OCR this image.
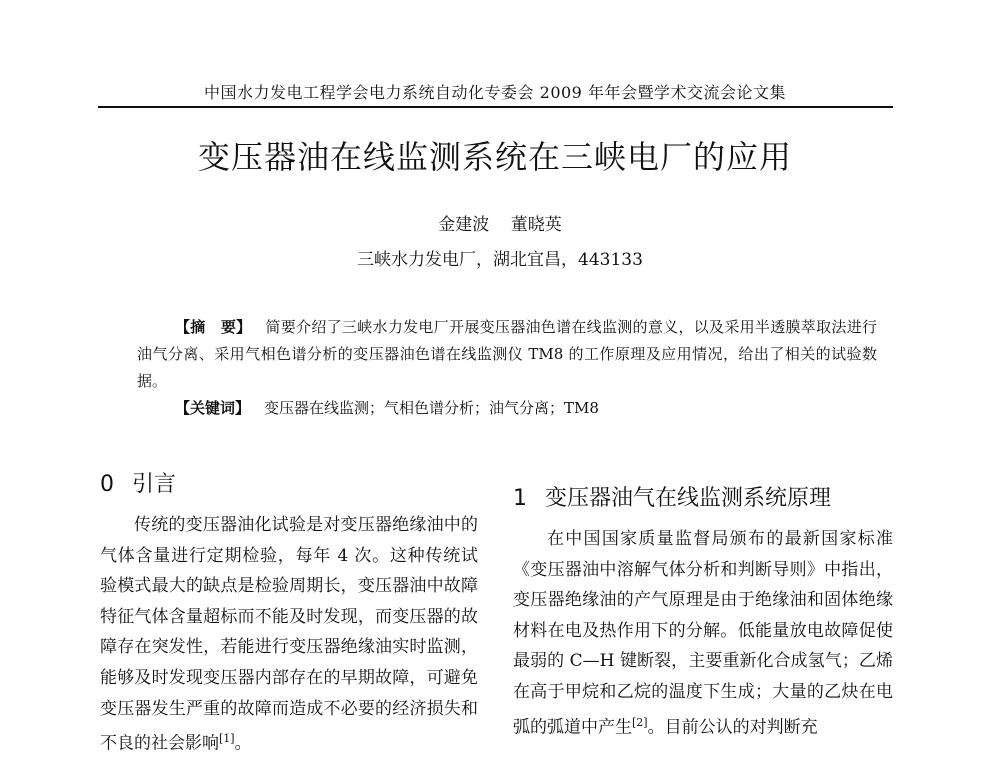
中国水力发电工程学会电力系统自动化专委会 2009 年年会暨学术交流会论文集
变压器油在线监测系统在三峡电厂的应用
金建波 董晓英
三峡水力发电厂，湖北宜昌，443133

【摘　要】 简要介绍了三峡水力发电厂开展变压器油色谱在线监测的意义，以及采用半透膜萃取法进行油气分离、采用气相色谱分析的变压器油色谱在线监测仪 TM8 的工作原理及应用情况，给出了相关的试验数据。

【关键词】 变压器在线监测；气相色谱分析；油气分离；TM8

0 引言

传统的变压器油化试验是对变压器绝缘油中的气体含量进行定期检验，每年 4 次。这种传统试验模式最大的缺点是检验周期长，变压器油中故障特征气体含量超标而不能及时发现，而变压器的故障存在突发性，若能进行变压器绝缘油实时监测，能够及时发现变压器内部存在的早期故障，可避免变压器发生严重的故障而造成不必要的经济损失和不良的社会影响[1]。

1 变压器油气在线监测系统原理

在中国国家质量监督局颁布的最新国家标准《变压器油中溶解气体分析和判断导则》中指出，变压器绝缘油的产气原理是由于绝缘油和固体绝缘材料在电及热作用下的分解。低能量放电故障促使最弱的 C—H 键断裂，主要重新化合成氢气；乙烯在高于甲烷和乙烷的温度下生成；大量的乙炔在电弧的弧道中产生[2]。目前公认的对判断充
